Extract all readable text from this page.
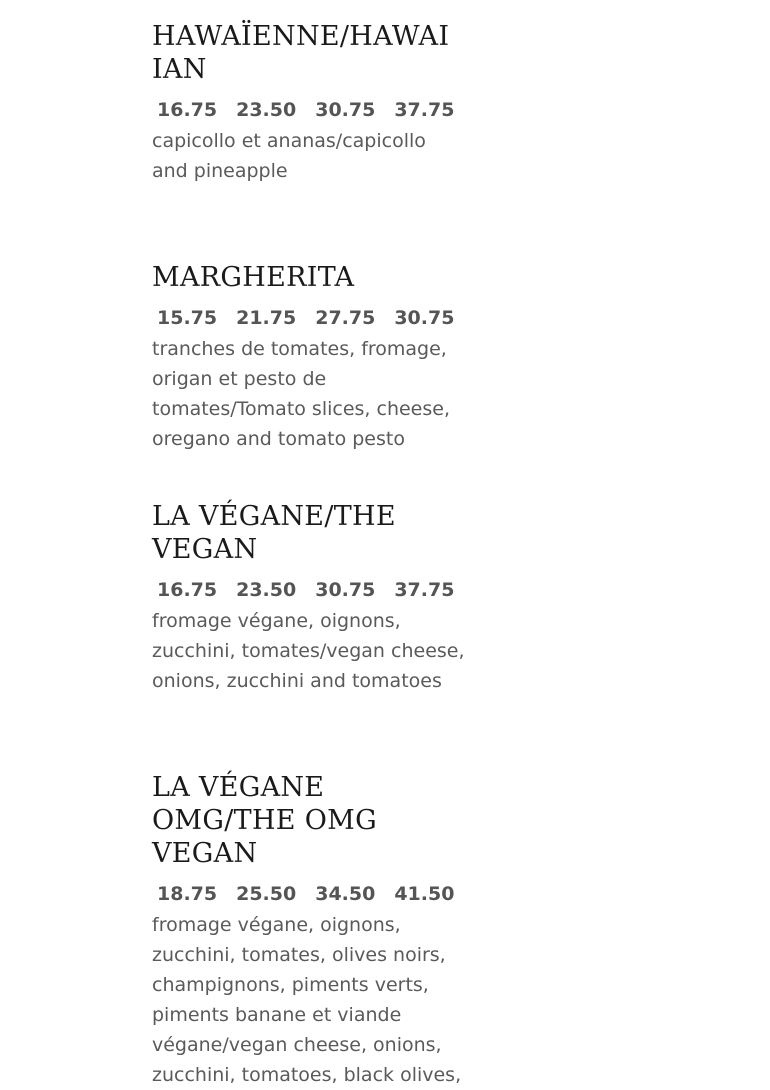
HAWAÏENNE/HAWAI
IAN
16.75 23.50 30.75 37.75

capicollo et ananas/capicollo
and pineapple

MARGHERITA
15.75 21.75 27.75 30.75

tranches de tomates, fromage,
origan et pesto de
tomates/Tomato slices, cheese,
oregano and tomato pesto

LA VÉGANE/THE
VEGAN
16.75 23.50 30.75 37.75

fromage végane, oignons,
zucchini, tomates/vegan cheese,
onions, zucchini and tomatoes

LA VÉGANE
OMG/THE OMG
VEGAN
18.75 25.50 34.50 41.50

fromage végane, oignons,
zucchini, tomates, olives noirs,
champignons, piments verts,
piments banane et viande
végane/vegan cheese, onions,
zucchini, tomatoes, black olives,
